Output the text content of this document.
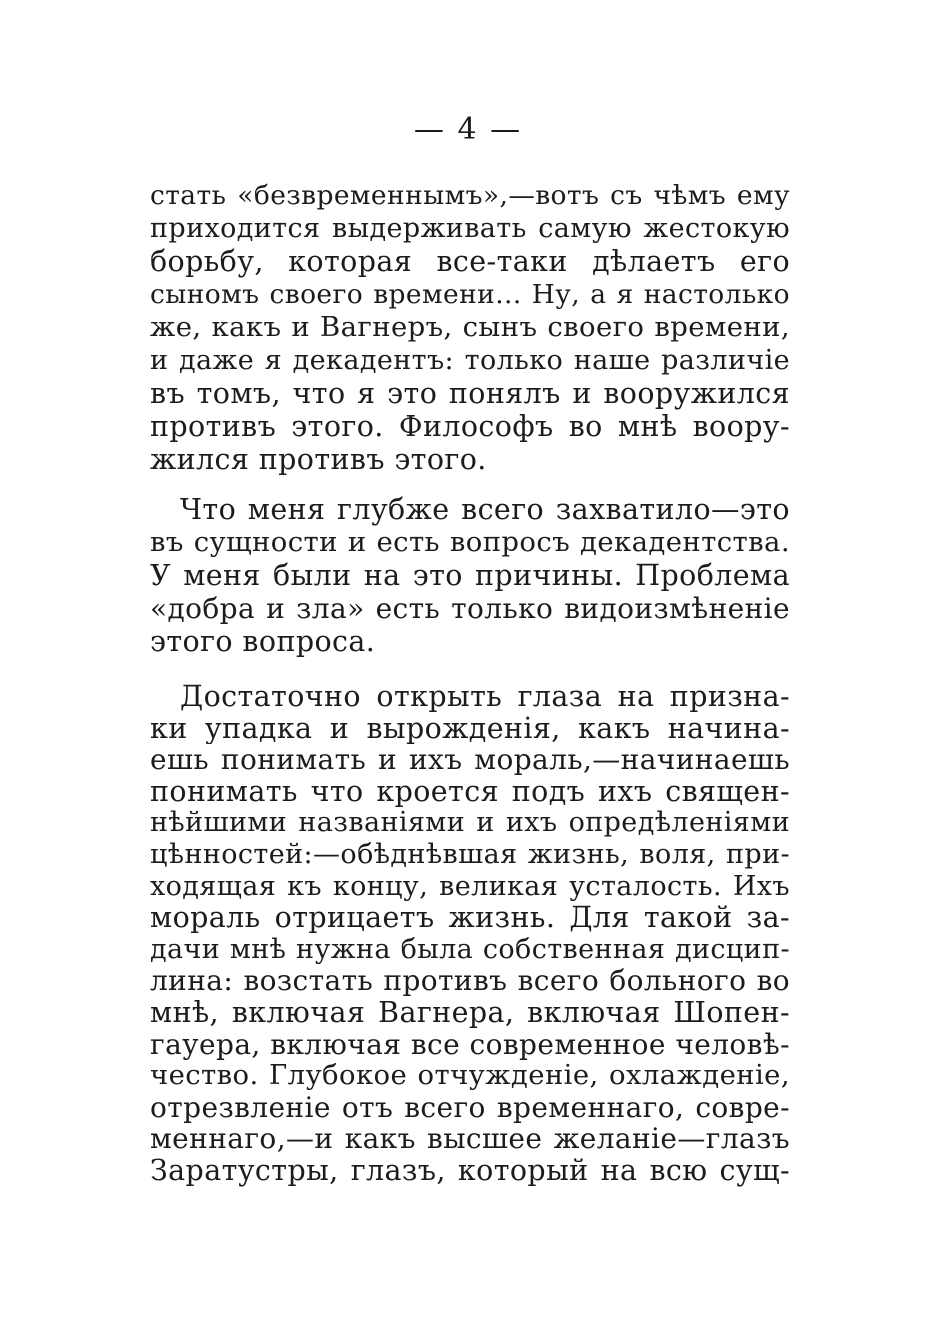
— 4 —
стать «безвременнымъ»,—вотъ съ чѣмъ ему
приходится выдерживать самую жестокую
борьбу, которая все-таки дѣлаетъ его
сыномъ своего времени... Ну, а я настолько
же, какъ и Вагнеръ, сынъ своего времени,
и даже я декадентъ: только наше различіе
въ томъ, что я это понялъ и вооружился
противъ этого. Философъ во мнѣ воору-
жился противъ этого.
Что меня глубже всего захватило—это
въ сущности и есть вопросъ декадентства.
У меня были на это причины. Проблема
«добра и зла» есть только видоизмѣненіе
этого вопроса.
Достаточно открыть глаза на призна-
ки упадка и вырожденія, какъ начина-
ешь понимать и ихъ мораль,—начинаешь
понимать что кроется подъ ихъ священ-
нѣйшими названіями и ихъ опредѣленіями
цѣнностей:—обѣднѣвшая жизнь, воля, при-
ходящая къ концу, великая усталость. Ихъ
мораль отрицаетъ жизнь. Для такой за-
дачи мнѣ нужна была собственная дисцип-
лина: возстать противъ всего больного во
мнѣ, включая Вагнера, включая Шопен-
гауера, включая все современное человѣ-
чество. Глубокое отчужденіе, охлажденіе,
отрезвленіе отъ всего временнаго, совре-
меннаго,—и какъ высшее желаніе—глазъ
Заратустры, глазъ, который на всю сущ-
